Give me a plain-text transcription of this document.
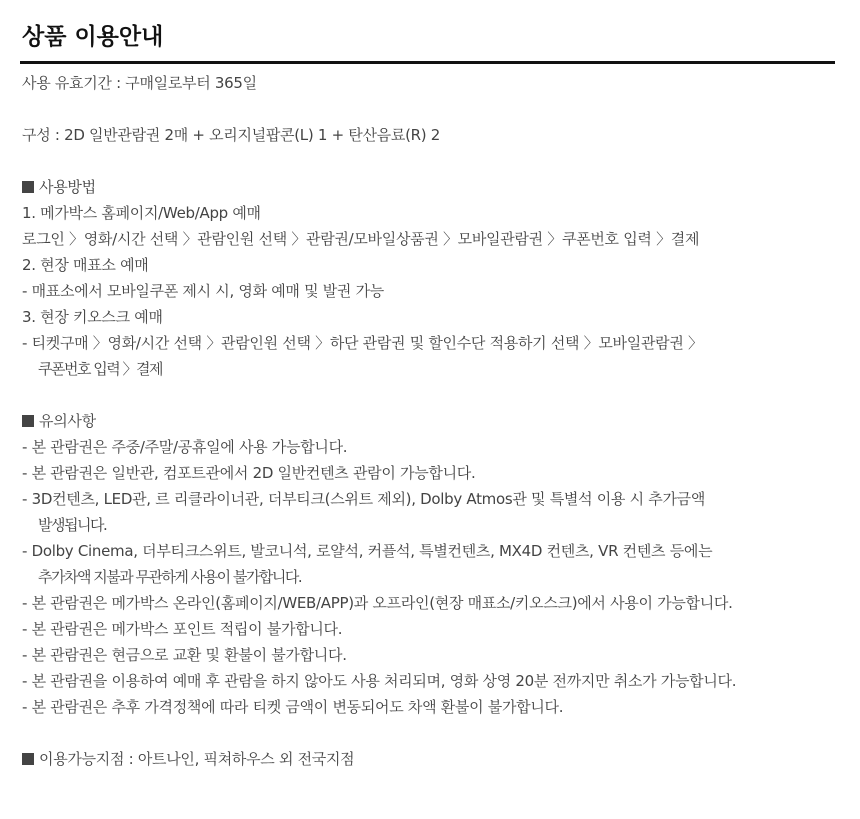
상품 이용안내
사용 유효기간 : 구매일로부터 365일
구성 : 2D 일반관람권 2매 + 오리지널팝콘(L) 1 + 탄산음료(R) 2
사용방법
1. 메가박스 홈페이지/Web/App 예매
로그인 〉영화/시간 선택 〉관람인원 선택 〉관람권/모바일상품권 〉모바일관람권 〉쿠폰번호 입력 〉결제
2. 현장 매표소 예매
- 매표소에서 모바일쿠폰 제시 시, 영화 예매 및 발권 가능
3. 현장 키오스크 예매
- 티켓구매 〉영화/시간 선택 〉관람인원 선택 〉하단 관람권 및 할인수단 적용하기 선택 〉모바일관람권 〉
쿠폰번호 입력 〉결제
유의사항
- 본 관람권은 주중/주말/공휴일에 사용 가능합니다.
- 본 관람권은 일반관, 컴포트관에서 2D 일반컨텐츠 관람이 가능합니다.
- 3D컨텐츠, LED관, 르 리클라이너관, 더부티크(스위트 제외), Dolby Atmos관 및 특별석 이용 시 추가금액
발생됩니다.
- Dolby Cinema, 더부티크스위트, 발코니석, 로얄석, 커플석, 특별컨텐츠, MX4D 컨텐츠, VR 컨텐츠 등에는
추가차액 지불과 무관하게 사용이 불가합니다.
- 본 관람권은 메가박스 온라인(홈페이지/WEB/APP)과 오프라인(현장 매표소/키오스크)에서 사용이 가능합니다.
- 본 관람권은 메가박스 포인트 적립이 불가합니다.
- 본 관람권은 현금으로 교환 및 환불이 불가합니다.
- 본 관람권을 이용하여 예매 후 관람을 하지 않아도 사용 처리되며, 영화 상영 20분 전까지만 취소가 가능합니다.
- 본 관람권은 추후 가격정책에 따라 티켓 금액이 변동되어도 차액 환불이 불가합니다.
이용가능지점 : 아트나인, 픽쳐하우스 외 전국지점
